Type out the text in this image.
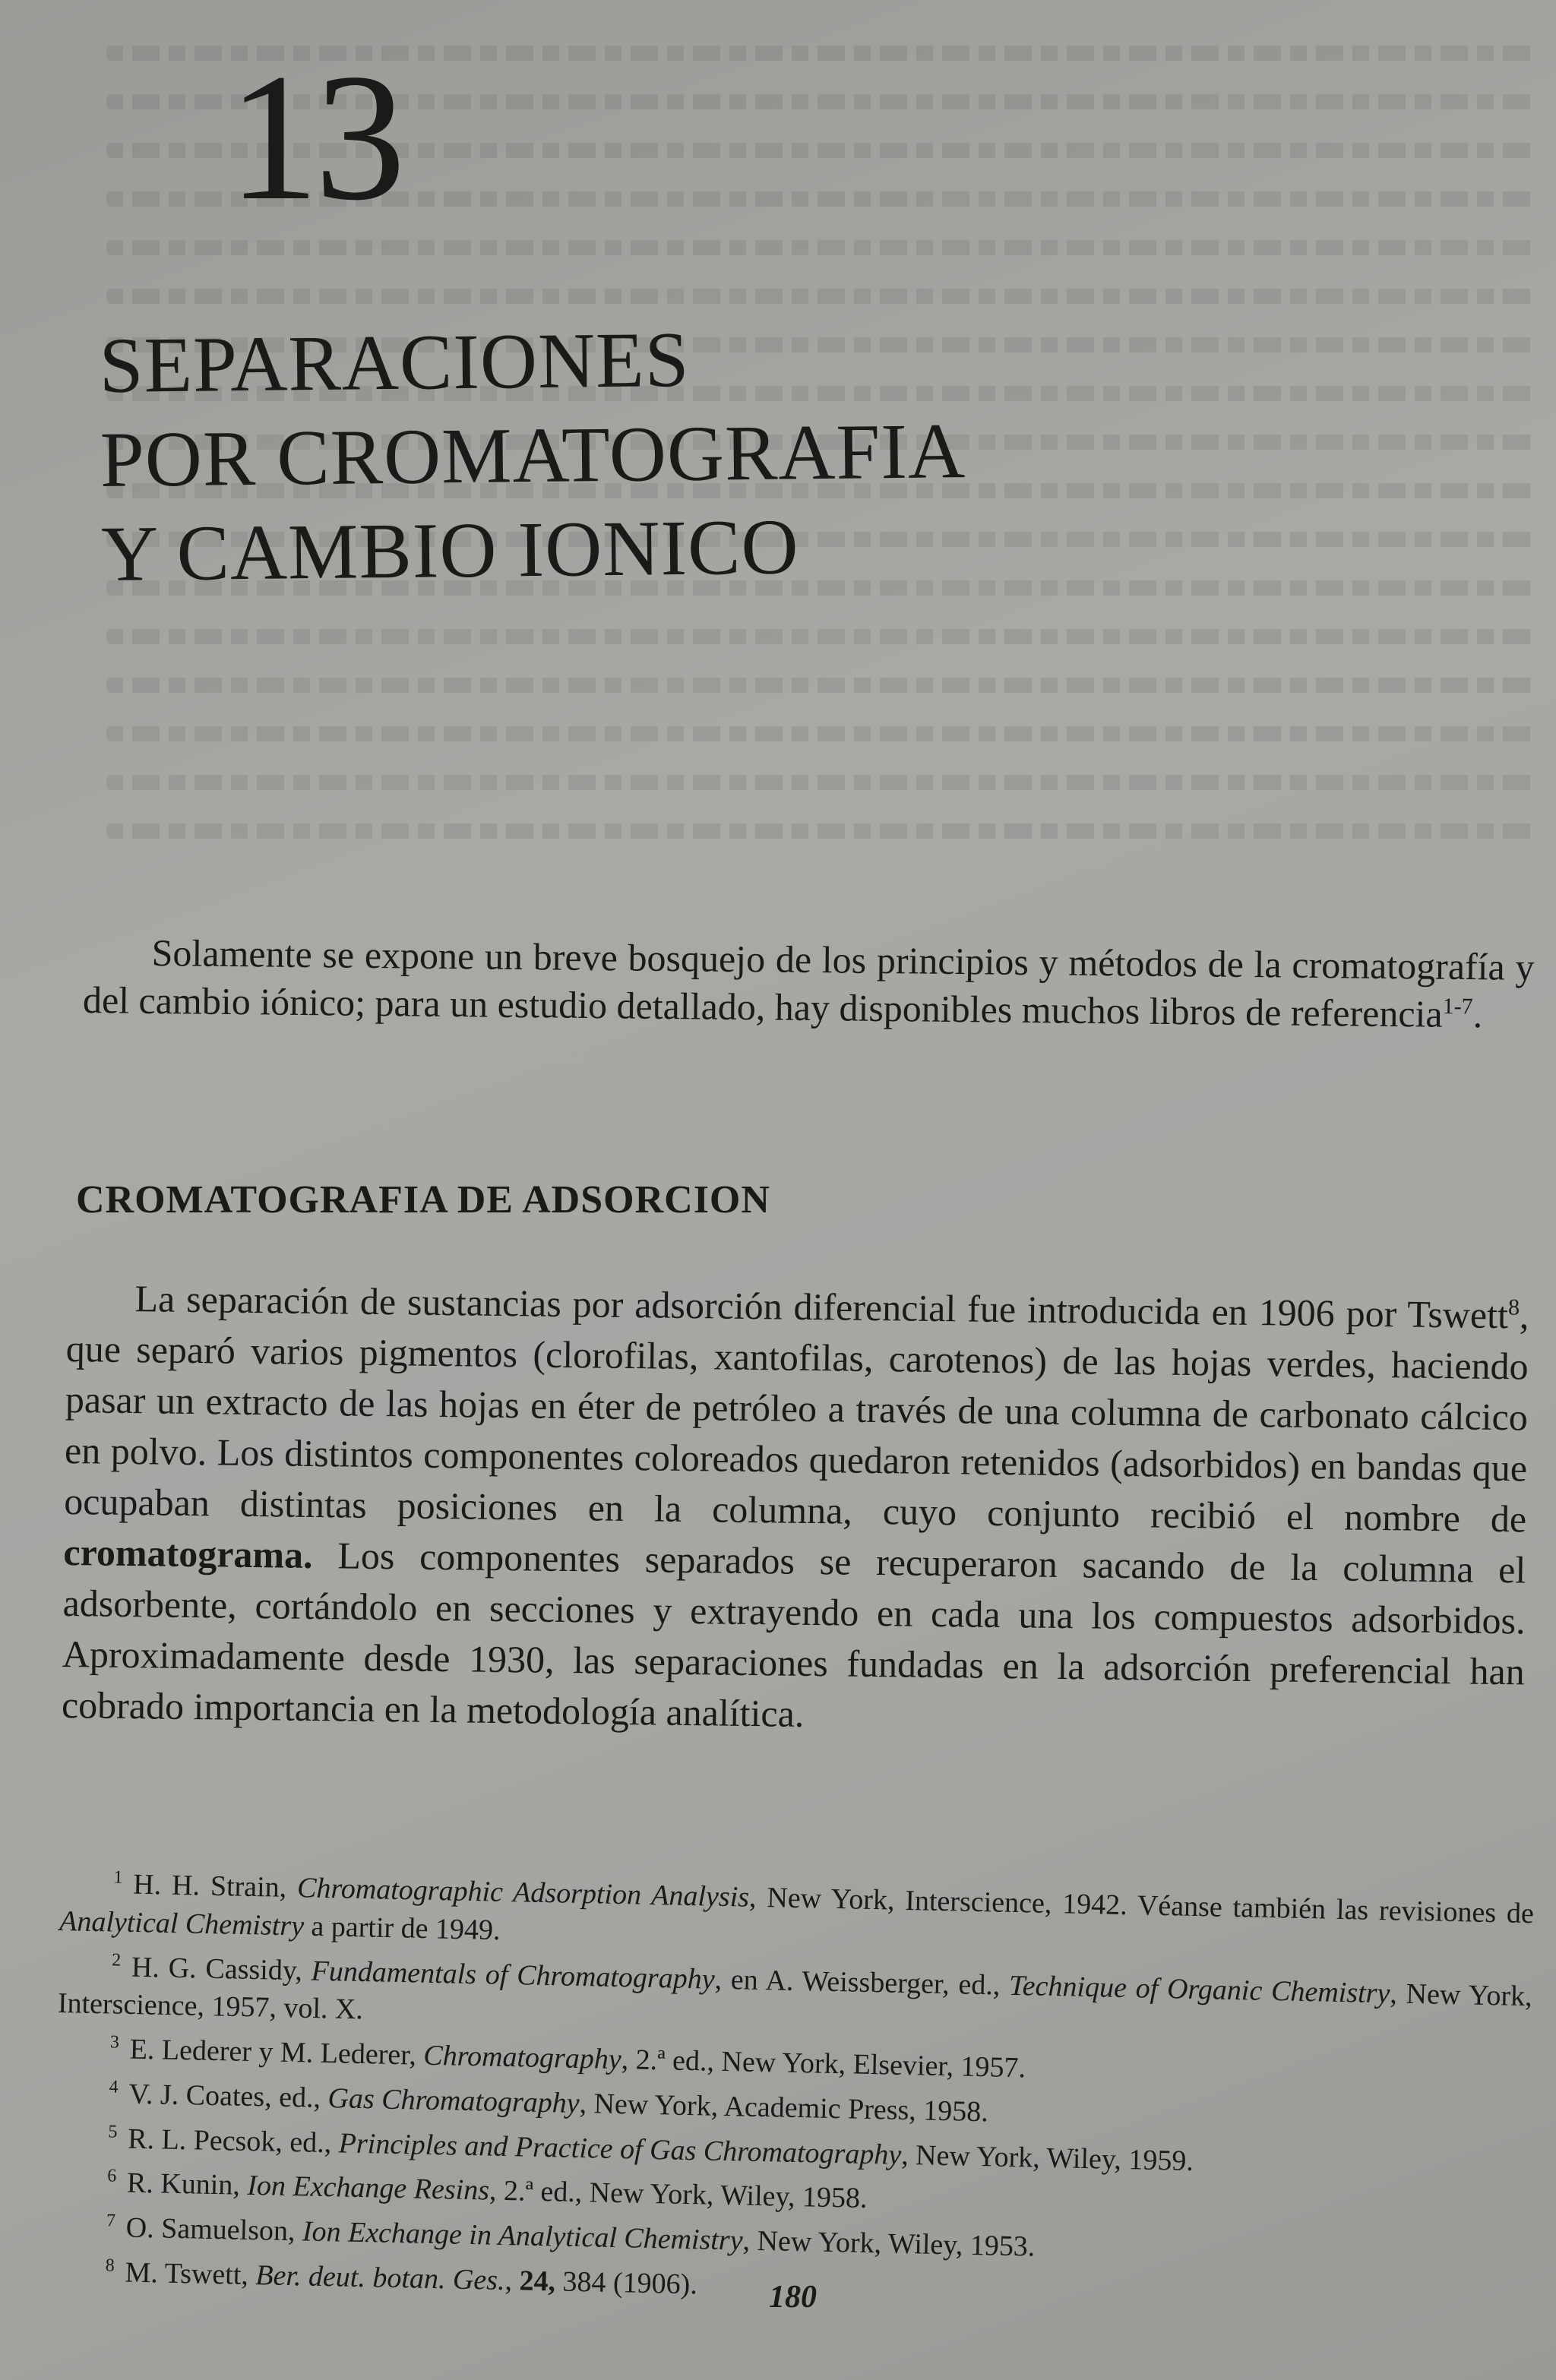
13
SEPARACIONES
POR CROMATOGRAFIA
Y CAMBIO IONICO

Solamente se expone un breve bosquejo de los principios y métodos de la cromatografía y del cambio iónico; para un estudio detallado, hay disponibles muchos libros de referencia$^{1-7}$.

CROMATOGRAFIA DE ADSORCION

La separación de sustancias por adsorción diferencial fue introducida en 1906 por Tswett$^8$, que separó varios pigmentos (clorofilas, xantofilas, carotenos) de las hojas verdes, haciendo pasar un extracto de las hojas en éter de petróleo a través de una columna de carbonato cálcico en polvo. Los distintos componentes coloreados quedaron retenidos (adsorbidos) en bandas que ocupaban distintas posiciones en la columna, cuyo conjunto recibió el nombre de cromatograma. Los componentes separados se recuperaron sacando de la columna el adsorbente, cortándolo en secciones y extrayendo en cada una los compuestos adsorbidos. Aproximadamente desde 1930, las separaciones fundadas en la adsorción preferencial han cobrado importancia en la metodología analítica.

$^1$ H. H. Strain, Chromatographic Adsorption Analysis, New York, Interscience, 1942. Véanse también las revisiones de Analytical Chemistry a partir de 1949.
$^2$ H. G. Cassidy, Fundamentals of Chromatography, en A. Weissberger, ed., Technique of Organic Chemistry, New York, Interscience, 1957, vol. X.
$^3$ E. Lederer y M. Lederer, Chromatography, 2.ª ed., New York, Elsevier, 1957.
$^4$ V. J. Coates, ed., Gas Chromatography, New York, Academic Press, 1958.
$^5$ R. L. Pecsok, ed., Principles and Practice of Gas Chromatography, New York, Wiley, 1959.
$^6$ R. Kunin, Ion Exchange Resins, 2.ª ed., New York, Wiley, 1958.
$^7$ O. Samuelson, Ion Exchange in Analytical Chemistry, New York, Wiley, 1953.
$^8$ M. Tswett, Ber. deut. botan. Ges., 24, 384 (1906).	180
